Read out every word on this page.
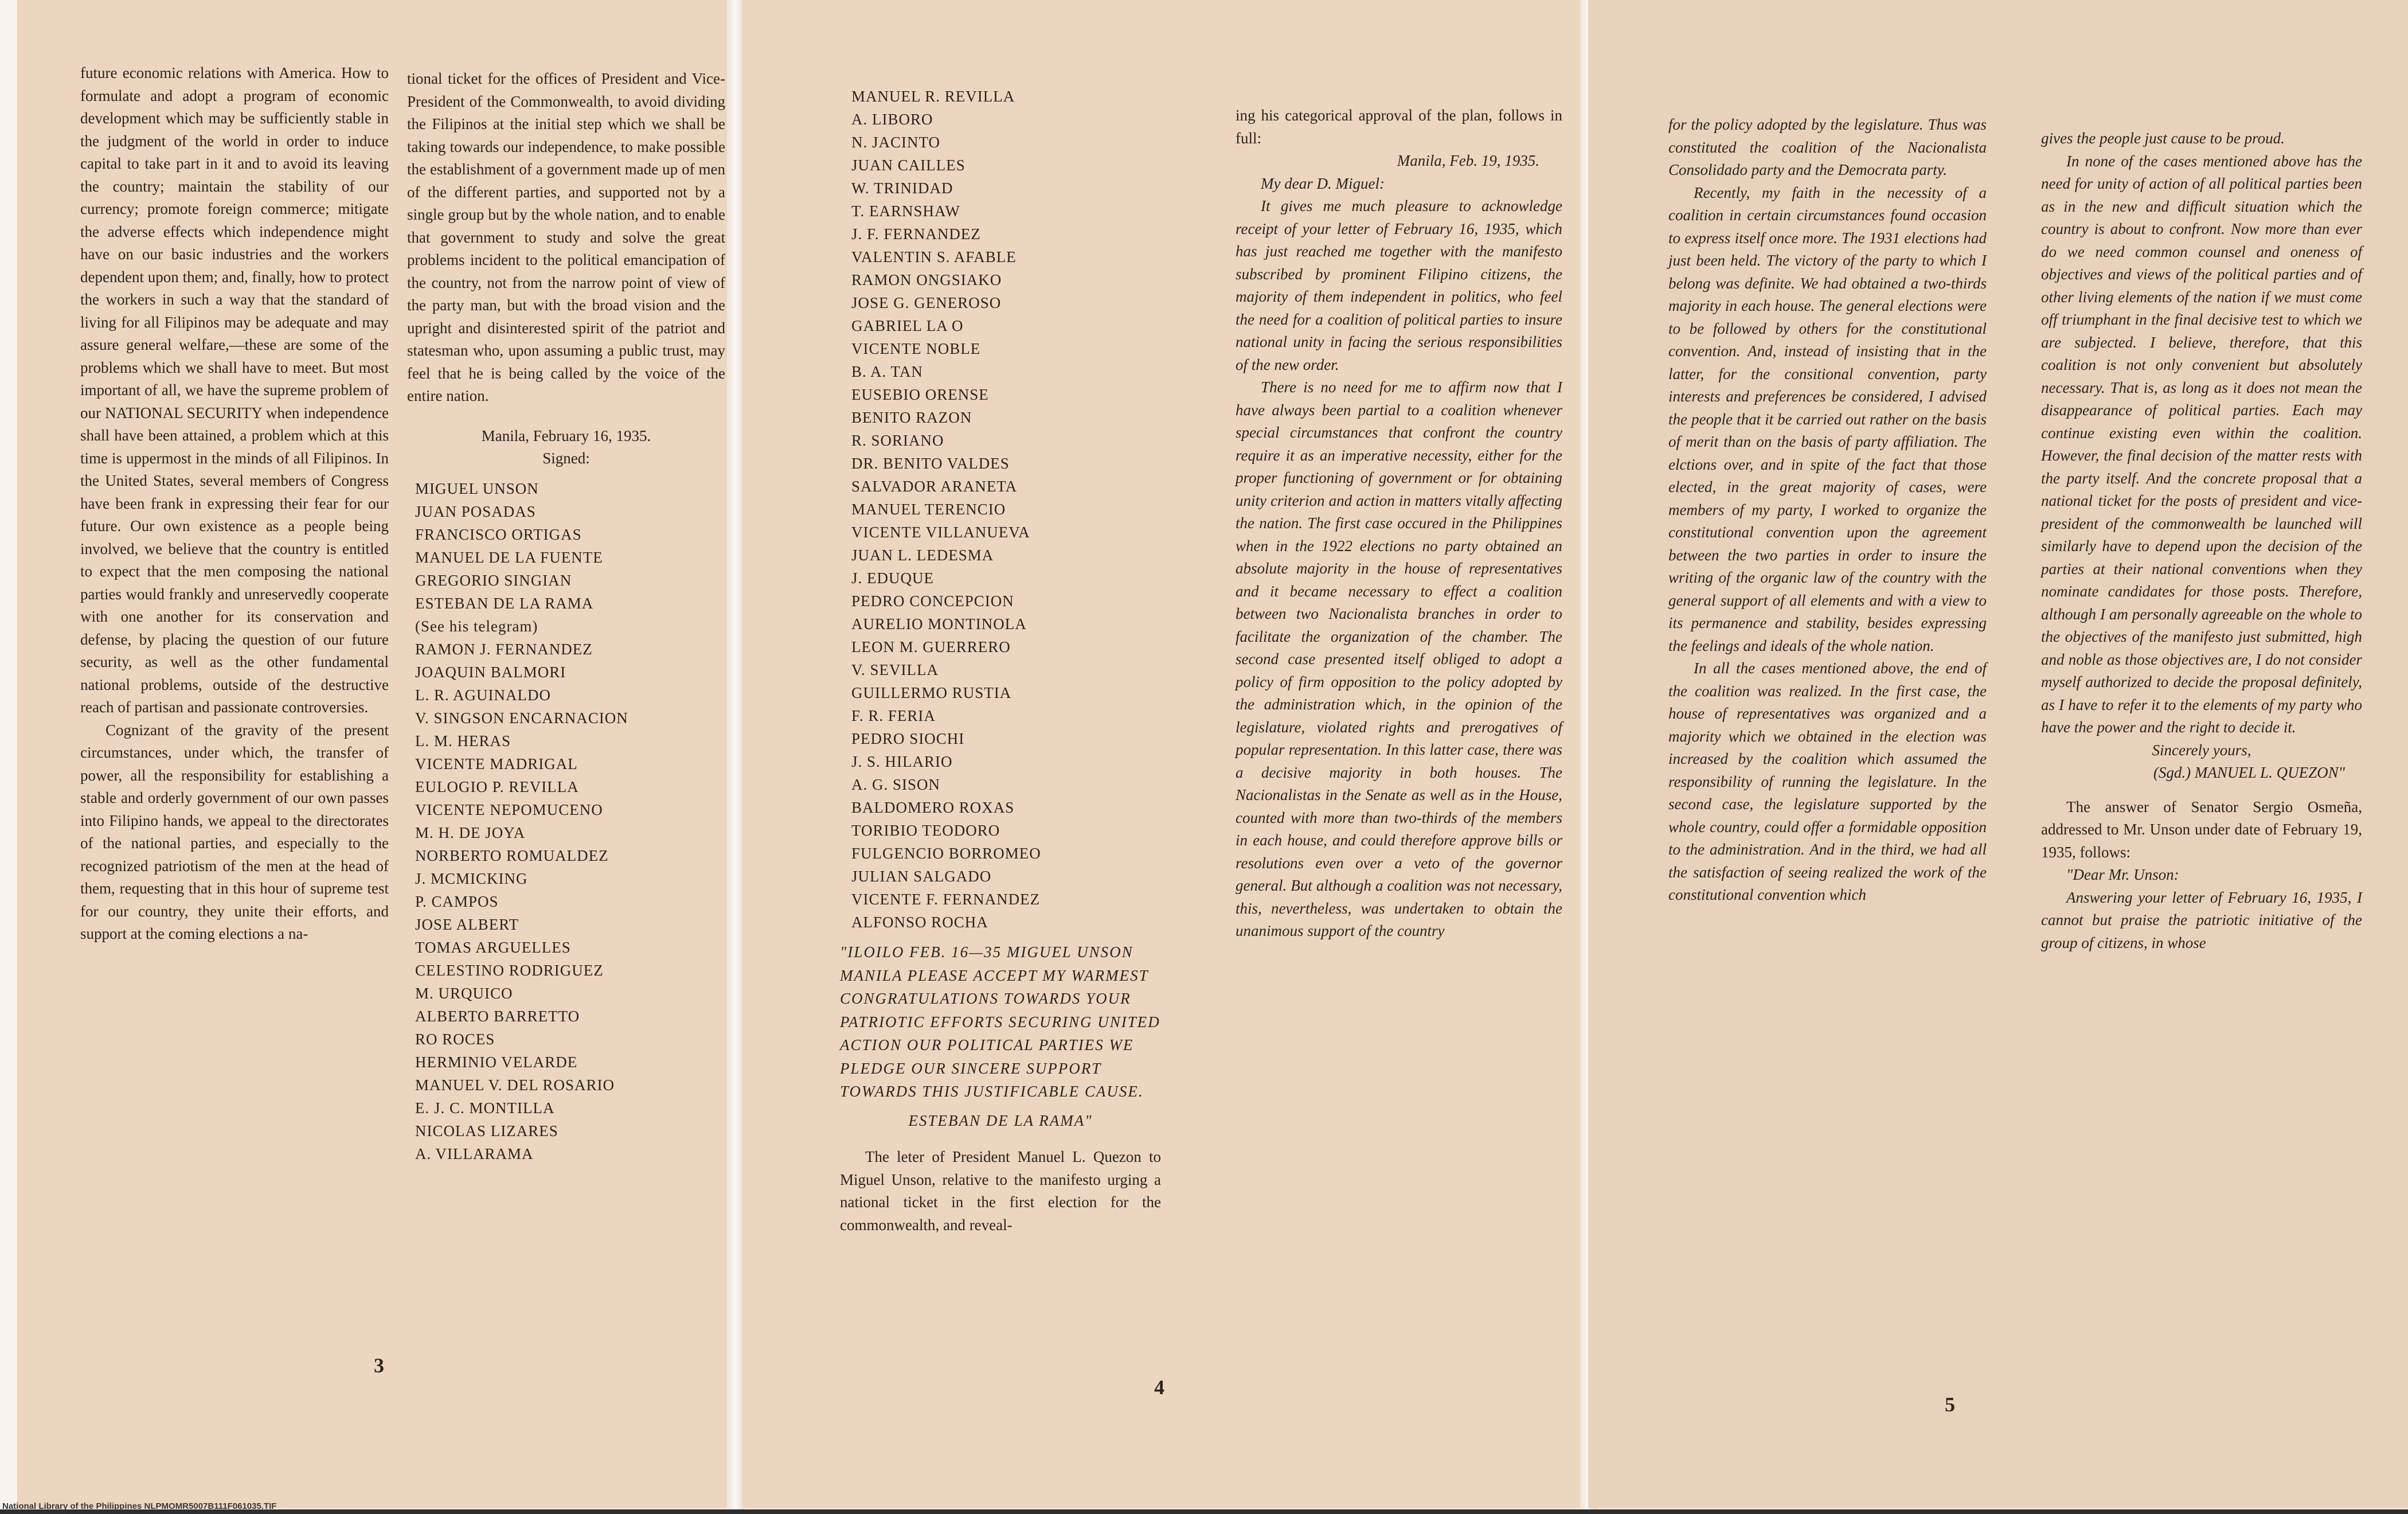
future economic relations with America. How to formulate and adopt a program of economic development which may be sufficiently stable in the judgment of the world in order to induce capital to take part in it and to avoid its leaving the country; maintain the stability of our currency; promote foreign commerce; mitigate the adverse effects which independence might have on our basic industries and the workers dependent upon them; and, finally, how to protect the workers in such a way that the standard of living for all Filipinos may be adequate and may assure general welfare,—these are some of the problems which we shall have to meet. But most important of all, we have the supreme problem of our NATIONAL SECURITY when independence shall have been attained, a problem which at this time is uppermost in the minds of all Filipinos. In the United States, several members of Congress have been frank in expressing their fear for our future. Our own existence as a people being involved, we believe that the country is entitled to expect that the men composing the national parties would frankly and unreservedly cooperate with one another for its conservation and defense, by placing the question of our future security, as well as the other fundamental national problems, outside of the destructive reach of partisan and passionate controversies.

Cognizant of the gravity of the present circumstances, under which, the transfer of power, all the responsibility for establishing a stable and orderly government of our own passes into Filipino hands, we appeal to the directorates of the national parties, and especially to the recognized patriotism of the men at the head of them, requesting that in this hour of supreme test for our country, they unite their efforts, and support at the coming elections a na-

tional ticket for the offices of President and Vice-President of the Commonwealth, to avoid dividing the Filipinos at the initial step which we shall be taking towards our independence, to make possible the establishment of a government made up of men of the different parties, and supported not by a single group but by the whole nation, and to enable that government to study and solve the great problems incident to the political emancipation of the country, not from the narrow point of view of the party man, but with the broad vision and the upright and disinterested spirit of the patriot and statesman who, upon assuming a public trust, may feel that he is being called by the voice of the entire nation.

Manila, February 16, 1935.

Signed:

MIGUEL UNSON
JUAN POSADAS
FRANCISCO ORTIGAS
MANUEL DE LA FUENTE
GREGORIO SINGIAN
ESTEBAN DE LA RAMA
(See his telegram)
RAMON J. FERNANDEZ
JOAQUIN BALMORI
L. R. AGUINALDO
V. SINGSON ENCARNACION
L. M. HERAS
VICENTE MADRIGAL
EULOGIO P. REVILLA
VICENTE NEPOMUCENO
M. H. DE JOYA
NORBERTO ROMUALDEZ
J. MCMICKING
P. CAMPOS
JOSE ALBERT
TOMAS ARGUELLES
CELESTINO RODRIGUEZ
M. URQUICO
ALBERTO BARRETTO
RO ROCES
HERMINIO VELARDE
MANUEL V. DEL ROSARIO
E. J. C. MONTILLA
NICOLAS LIZARES
A. VILLARAMA
3
MANUEL R. REVILLA
A. LIBORO
N. JACINTO
JUAN CAILLES
W. TRINIDAD
T. EARNSHAW
J. F. FERNANDEZ
VALENTIN S. AFABLE
RAMON ONGSIAKO
JOSE G. GENEROSO
GABRIEL LA O
VICENTE NOBLE
B. A. TAN
EUSEBIO ORENSE
BENITO RAZON
R. SORIANO
DR. BENITO VALDES
SALVADOR ARANETA
MANUEL TERENCIO
VICENTE VILLANUEVA
JUAN L. LEDESMA
J. EDUQUE
PEDRO CONCEPCION
AURELIO MONTINOLA
LEON M. GUERRERO
V. SEVILLA
GUILLERMO RUSTIA
F. R. FERIA
PEDRO SIOCHI
J. S. HILARIO
A. G. SISON
BALDOMERO ROXAS
TORIBIO TEODORO
FULGENCIO BORROMEO
JULIAN SALGADO
VICENTE F. FERNANDEZ
ALFONSO ROCHA

"ILOILO FEB. 16—35 MIGUEL UNSON MANILA PLEASE ACCEPT MY WARMEST CONGRATULATIONS TOWARDS YOUR PATRIOTIC EFFORTS SECURING UNITED ACTION OUR POLITICAL PARTIES WE PLEDGE OUR SINCERE SUPPORT TOWARDS THIS JUSTIFICABLE CAUSE.

ESTEBAN DE LA RAMA"

The leter of President Manuel L. Quezon to Miguel Unson, relative to the manifesto urging a national ticket in the first election for the commonwealth, and reveal-

ing his categorical approval of the plan, follows in full:

Manila, Feb. 19, 1935.

My dear D. Miguel:

It gives me much pleasure to acknowledge receipt of your letter of February 16, 1935, which has just reached me together with the manifesto subscribed by prominent Filipino citizens, the majority of them independent in politics, who feel the need for a coalition of political parties to insure national unity in facing the serious responsibilities of the new order.

There is no need for me to affirm now that I have always been partial to a coalition whenever special circumstances that confront the country require it as an imperative necessity, either for the proper functioning of government or for obtaining unity criterion and action in matters vitally affecting the nation. The first case occured in the Philippines when in the 1922 elections no party obtained an absolute majority in the house of representatives and it became necessary to effect a coalition between two Nacionalista branches in order to facilitate the organization of the chamber. The second case presented itself obliged to adopt a policy of firm opposition to the policy adopted by the administration which, in the opinion of the legislature, violated rights and prerogatives of popular representation. In this latter case, there was a decisive majority in both houses. The Nacionalistas in the Senate as well as in the House, counted with more than two-thirds of the members in each house, and could therefore approve bills or resolutions even over a veto of the governor general. But although a coalition was not necessary, this, nevertheless, was undertaken to obtain the unanimous support of the country

4

for the policy adopted by the legislature. Thus was constituted the coalition of the Nacionalista Consolidado party and the Democrata party.

Recently, my faith in the necessity of a coalition in certain circumstances found occasion to express itself once more. The 1931 elections had just been held. The victory of the party to which I belong was definite. We had obtained a two-thirds majority in each house. The general elections were to be followed by others for the constitutional convention. And, instead of insisting that in the latter, for the consitional convention, party interests and preferences be considered, I advised the people that it be carried out rather on the basis of merit than on the basis of party affiliation. The elctions over, and in spite of the fact that those elected, in the great majority of cases, were members of my party, I worked to organize the constitutional convention upon the agreement between the two parties in order to insure the writing of the organic law of the country with the general support of all elements and with a view to its permanence and stability, besides expressing the feelings and ideals of the whole nation.

In all the cases mentioned above, the end of the coalition was realized. In the first case, the house of representatives was organized and a majority which we obtained in the election was increased by the coalition which assumed the responsibility of running the legislature. In the second case, the legislature supported by the whole country, could offer a formidable opposition to the administration. And in the third, we had all the satisfaction of seeing realized the work of the constitutional convention which

gives the people just cause to be proud.

In none of the cases mentioned above has the need for unity of action of all political parties been as in the new and difficult situation which the country is about to confront. Now more than ever do we need common counsel and oneness of objectives and views of the political parties and of other living elements of the nation if we must come off triumphant in the final decisive test to which we are subjected. I believe, therefore, that this coalition is not only convenient but absolutely necessary. That is, as long as it does not mean the disappearance of political parties. Each may continue existing even within the coalition. However, the final decision of the matter rests with the party itself. And the concrete proposal that a national ticket for the posts of president and vice-president of the commonwealth be launched will similarly have to depend upon the decision of the parties at their national conventions when they nominate candidates for those posts. Therefore, although I am personally agreeable on the whole to the objectives of the manifesto just submitted, high and noble as those objectives are, I do not consider myself authorized to decide the proposal definitely, as I have to refer it to the elements of my party who have the power and the right to decide it.

Sincerely yours,

(Sgd.) MANUEL L. QUEZON"

The answer of Senator Sergio Osmeña, addressed to Mr. Unson under date of February 19, 1935, follows:

"Dear Mr. Unson:

Answering your letter of February 16, 1935, I cannot but praise the patriotic initiative of the group of citizens, in whose

5
National Library of the Philippines NLPMOMR5007B111F061035.TIF
